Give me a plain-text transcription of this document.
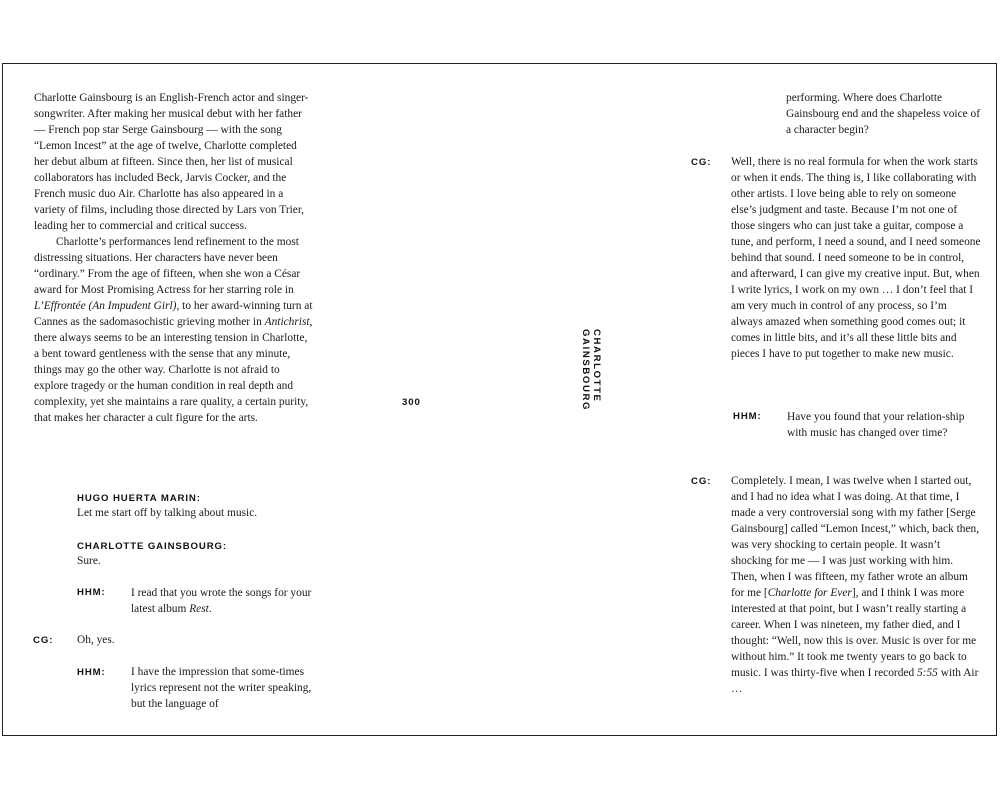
Charlotte Gainsbourg is an English-French actor and singer-songwriter. After making her musical debut with her father — French pop star Serge Gainsbourg — with the song “Lemon Incest” at the age of twelve, Charlotte completed her debut album at fifteen. Since then, her list of musical collaborators has included Beck, Jarvis Cocker, and the French music duo Air. Charlotte has also appeared in a variety of films, including those directed by Lars von Trier, leading her to commercial and critical success.

Charlotte’s performances lend refinement to the most distressing situations. Her characters have never been “ordinary.” From the age of fifteen, when she won a César award for Most Promising Actress for her starring role in L’Effrontée (An Impudent Girl), to her award-winning turn at Cannes as the sadomasochistic grieving mother in Antichrist, there always seems to be an interesting tension in Charlotte, a bent toward gentleness with the sense that any minute, things may go the other way. Charlotte is not afraid to explore tragedy or the human condition in real depth and complexity, yet she maintains a rare quality, a certain purity, that makes her character a cult figure for the arts.

HUGO HUERTA MARIN:
Let me start off by talking about music.
CHARLOTTE GAINSBOURG:
Sure.
HHM: I read that you wrote the songs for your latest album Rest.
CG: Oh, yes.
HHM: I have the impression that some-times lyrics represent not the writer speaking, but the language of
300	CHARLOTTE GAINSBOURG
performing. Where does Charlotte Gainsbourg end and the shapeless voice of a character begin?
CG: Well, there is no real formula for when the work starts or when it ends. The thing is, I like collaborating with other artists. I love being able to rely on someone else’s judgment and taste. Because I’m not one of those singers who can just take a guitar, compose a tune, and perform, I need a sound, and I need someone behind that sound. I need someone to be in control, and afterward, I can give my creative input. But, when I write lyrics, I work on my own … I don’t feel that I am very much in control of any process, so I’m always amazed when something good comes out; it comes in little bits, and it’s all these little bits and pieces I have to put together to make new music.
HHM: Have you found that your relation-ship with music has changed over time?
CG: Completely. I mean, I was twelve when I started out, and I had no idea what I was doing. At that time, I made a very controversial song with my father [Serge Gainsbourg] called “Lemon Incest,” which, back then, was very shocking to certain people. It wasn’t shocking for me — I was just working with him. Then, when I was fifteen, my father wrote an album for me [Charlotte for Ever], and I think I was more interested at that point, but I wasn’t really starting a career. When I was nineteen, my father died, and I thought: “Well, now this is over. Music is over for me without him.” It took me twenty years to go back to music. I was thirty-five when I recorded 5:55 with Air …
